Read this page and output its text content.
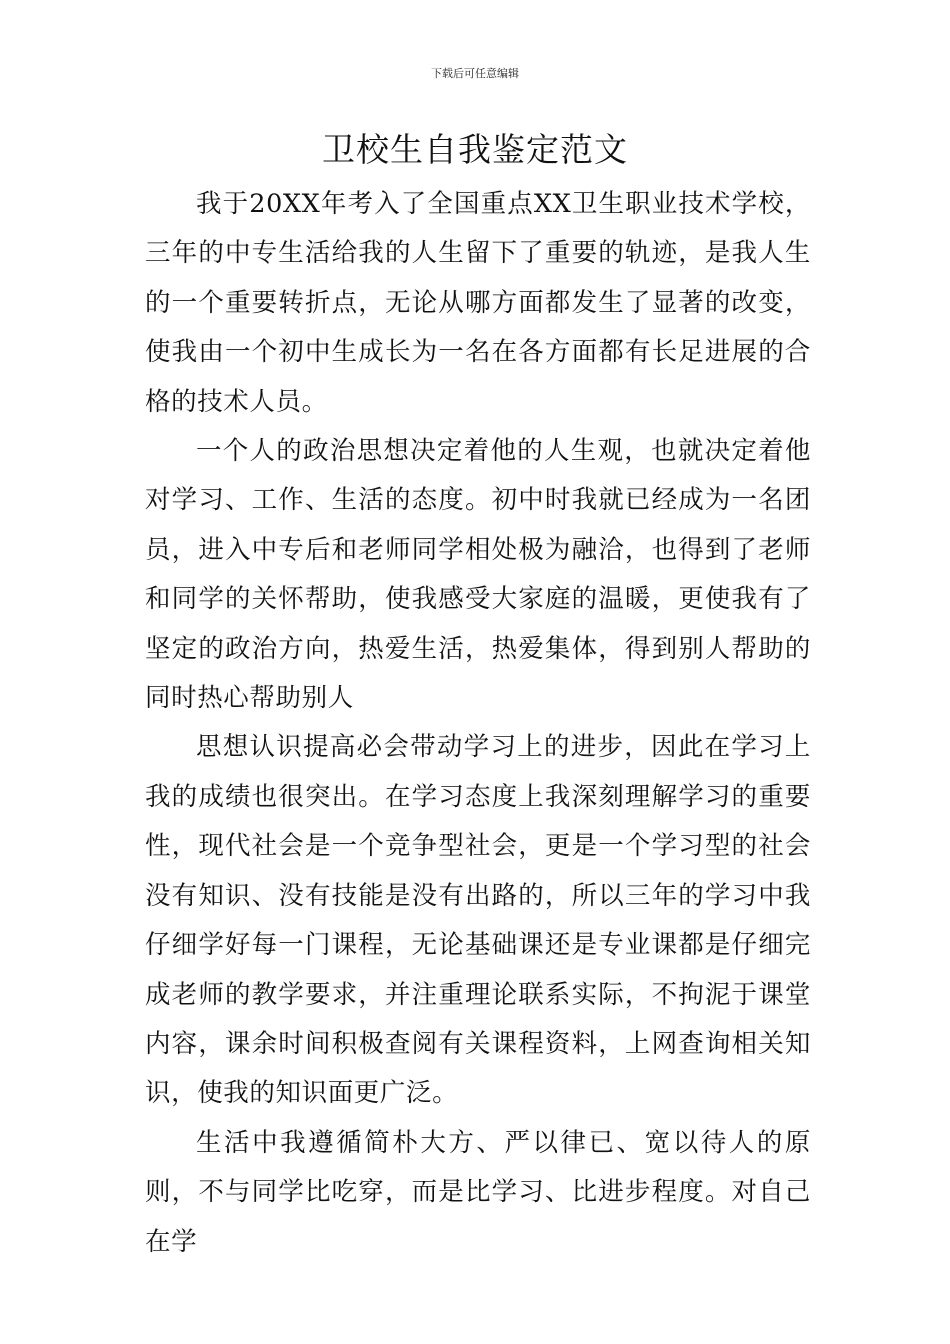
下载后可任意编辑
卫校生自我鉴定范文

我于20XX年考入了全国重点XX卫生职业技术学校，三年的中专生活给我的人生留下了重要的轨迹，是我人生的一个重要转折点，无论从哪方面都发生了显著的改变，使我由一个初中生成长为一名在各方面都有长足进展的合格的技术人员。

一个人的政治思想决定着他的人生观，也就决定着他对学习、工作、生活的态度。初中时我就已经成为一名团员，进入中专后和老师同学相处极为融洽，也得到了老师和同学的关怀帮助，使我感受大家庭的温暖，更使我有了坚定的政治方向，热爱生活，热爱集体，得到别人帮助的同时热心帮助别人

思想认识提高必会带动学习上的进步，因此在学习上我的成绩也很突出。在学习态度上我深刻理解学习的重要性，现代社会是一个竞争型社会，更是一个学习型的社会没有知识、没有技能是没有出路的，所以三年的学习中我仔细学好每一门课程，无论基础课还是专业课都是仔细完成老师的教学要求，并注重理论联系实际，不拘泥于课堂内容，课余时间积极查阅有关课程资料，上网查询相关知识，使我的知识面更广泛。

生活中我遵循简朴大方、严以律已、宽以待人的原则，不与同学比吃穿，而是比学习、比进步程度。对自己在学
